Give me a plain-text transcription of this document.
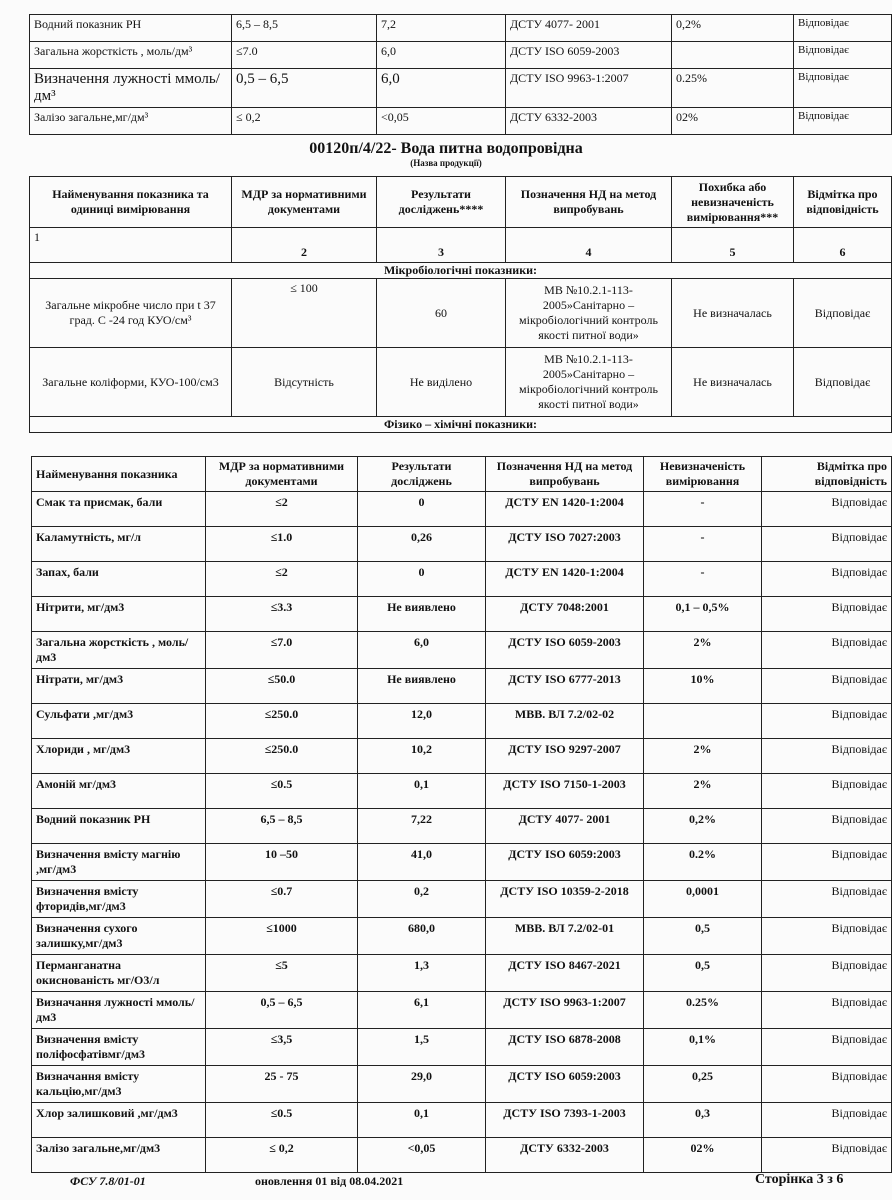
Водний показник PH	6,5 – 8,5	7,2	ДСТУ 4077- 2001	0,2%	Відповідає
Загальна жорсткість , моль/дм³	≤7.0	6,0	ДСТУ ISO 6059-2003		Відповідає
Визначення лужності ммоль/дм³	0,5 – 6,5	6,0	ДСТУ ISO 9963-1:2007	0.25%	Відповідає
Залізо загальне,мг/дм³	≤ 0,2	<0,05	ДСТУ 6332-2003	02%	Відповідає
00120п/4/22- Вода питна водопровідна
(Назва продукції)
Найменування показника та одиниці вимірювання	МДР за нормативними документами	Результати досліджень****	Позначення НД на метод випробувань	Похибка або невизначеність вимірювання***	Відмітка про відповідність
1	2	3	4	5	6
Мікробіологічні показники:					
Загальне мікробне число при t 37 град. С -24 год КУО/см³	≤ 100	60	МВ №10.2.1-113-2005»Санітарно – мікробіологічний контроль якості питної води»	Не визначалась	Відповідає
Загальне коліформи, КУО-100/см3	Відсутність	Не виділено	МВ №10.2.1-113-2005»Санітарно – мікробіологічний контроль якості питної води»	Не визначалась	Відповідає
Фізико – хімічні показники:					
Найменування показника	МДР за нормативними документами	Результати досліджень	Позначення НД на метод випробувань	Невизначеність вимірювання	Відмітка про відповідність
Смак та присмак, бали	≤2	0	ДСТУ EN 1420-1:2004	-	Відповідає
Каламутність, мг/л	≤1.0	0,26	ДСТУ ISO 7027:2003	-	Відповідає
Запах, бали	≤2	0	ДСТУ EN 1420-1:2004	-	Відповідає
Нітрити, мг/дм3	≤3.3	Не виявлено	ДСТУ 7048:2001	0,1 – 0,5%	Відповідає
Загальна жорсткість , моль/дм3	≤7.0	6,0	ДСТУ ISO 6059-2003	2%	Відповідає
Нітрати, мг/дм3	≤50.0	Не виявлено	ДСТУ ISO 6777-2013	10%	Відповідає
Сульфати ,мг/дм3	≤250.0	12,0	МВВ. ВЛ 7.2/02-02		Відповідає
Хлориди , мг/дм3	≤250.0	10,2	ДСТУ ISO 9297-2007	2%	Відповідає
Амоній мг/дм3	≤0.5	0,1	ДСТУ ISO 7150-1-2003	2%	Відповідає
Водний показник PH	6,5 – 8,5	7,22	ДСТУ 4077- 2001	0,2%	Відповідає
Визначення вмісту магнію ,мг/дм3	10 –50	41,0	ДСТУ ISO 6059:2003	0.2%	Відповідає
Визначення вмісту фторидів,мг/дм3	≤0.7	0,2	ДСТУ ISO 10359-2-2018	0,0001	Відповідає
Визначення сухого залишку,мг/дм3	≤1000	680,0	МВВ. ВЛ 7.2/02-01	0,5	Відповідає
Перманганатна окиснованість мг/О3/л	≤5	1,3	ДСТУ ISO 8467-2021	0,5	Відповідає
Визначання лужності ммоль/дм3	0,5 – 6,5	6,1	ДСТУ ISO 9963-1:2007	0.25%	Відповідає
Визначення вмісту поліфосфатівмг/дм3	≤3,5	1,5	ДСТУ ISO 6878-2008	0,1%	Відповідає
Визначання вмісту кальцію,мг/дм3	25 - 75	29,0	ДСТУ ISO 6059:2003	0,25	Відповідає
Хлор залишковий ,мг/дм3	≤0.5	0,1	ДСТУ ISO 7393-1-2003	0,3	Відповідає
Залізо загальне,мг/дм3	≤ 0,2	<0,05	ДСТУ 6332-2003	02%	Відповідає
ФСУ 7.8/01-01	оновлення 01 від 08.04.2021	Сторінка 3 з 6
